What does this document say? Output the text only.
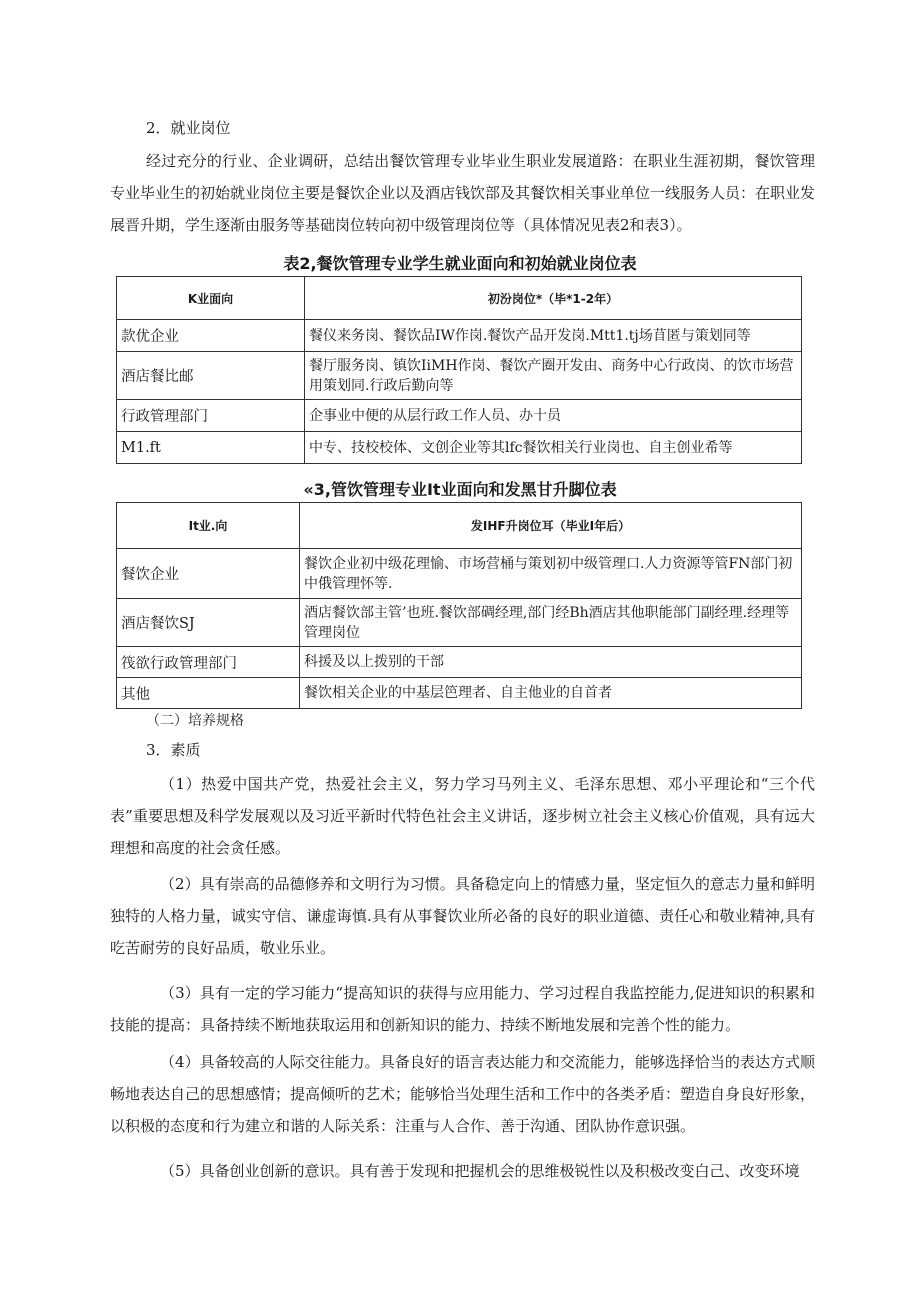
2．就业岗位
经过充分的行业、企业调研，总结出餐饮管理专业毕业生职业发展道路：在职业生涯初期，餐饮管理专业毕业生的初始就业岗位主要是餐饮企业以及酒店钱饮部及其餐饮相关事业单位一线服务人员：在职业发展晋升期，学生逐渐由服务等基础岗位转向初中级管理岗位等（具体情况见表2和表3）。
表2,餐饮管理专业学生就业面向和初始就业岗位表
K业面向	初汾岗位*（毕*1-2年）
款优企业	餐仪来务岗、餐饮品IW作岗.餐饮产品开发岗.Mtt1.tj场苜匿与策划同等
酒店餐比邮	餐厅服务岗、镇饮IiMH作岗、餐饮产圈开发由、商务中心行政岗、的饮市场营用策划同.行政后勤向等
行政管理部门	企事业中便的从层行政工作人员、办十员
M1.ft	中专、技校校体、文创企业等其lfc餐饮相关行业岗也、自主创业希等
«3,管饮管理专业It业面向和发黑甘升脚位表
It业.向	发IHF升岗位耳（毕业I年后）
餐饮企业	餐饮企业初中级花理愉、市场营桶与策划初中级管理口.人力资源等管FN部门初中俄管理怀等.
酒店餐饮SJ	酒店餐饮部主管’也班.餐饮部碉经理,部门经Bh酒店其他职能部门副经理.经理等管理岗位
筏欲行政管理部门	科援及以上拨别的干部
其他	餐饮相关企业的中基层笆理者、自主他业的自首者
（二）培养规格
3．素质
（1）热爱中国共产党，热爱社会主义，努力学习马列主义、毛泽东思想、邓小平理论和“三个代表”重要思想及科学发展观以及习近平新时代特色社会主义讲话，逐步树立社会主义核心价值观，具有远大理想和高度的社会贪任感。
（2）具有崇高的品德修养和文明行为习惯。具备稳定向上的情感力量，坚定恒久的意志力量和鲜明独特的人格力量，诚实守信、谦虚诲慎.具有从事餐饮业所必备的良好的职业道德、责任心和敬业精神,具有吃苦耐劳的良好品质，敬业乐业。
（3）具有一定的学习能力“提高知识的获得与应用能力、学习过程自我监控能力,促进知识的积累和技能的提高：具备持续不断地获取运用和创新知识的能力、持续不断地发展和完善个性的能力。
（4）具备较高的人际交往能力。具备良好的语言表达能力和交流能力，能够选择恰当的表达方式顺畅地表达自己的思想感情；提高倾听的艺术；能够恰当处理生活和工作中的各类矛盾：塑造自身良好形象，以积极的态度和行为建立和谐的人际关系：注重与人合作、善于沟通、团队协作意识强。
（5）具备创业创新的意识。具有善于发现和把握机会的思维极锐性以及积极改变白己、改变环境
